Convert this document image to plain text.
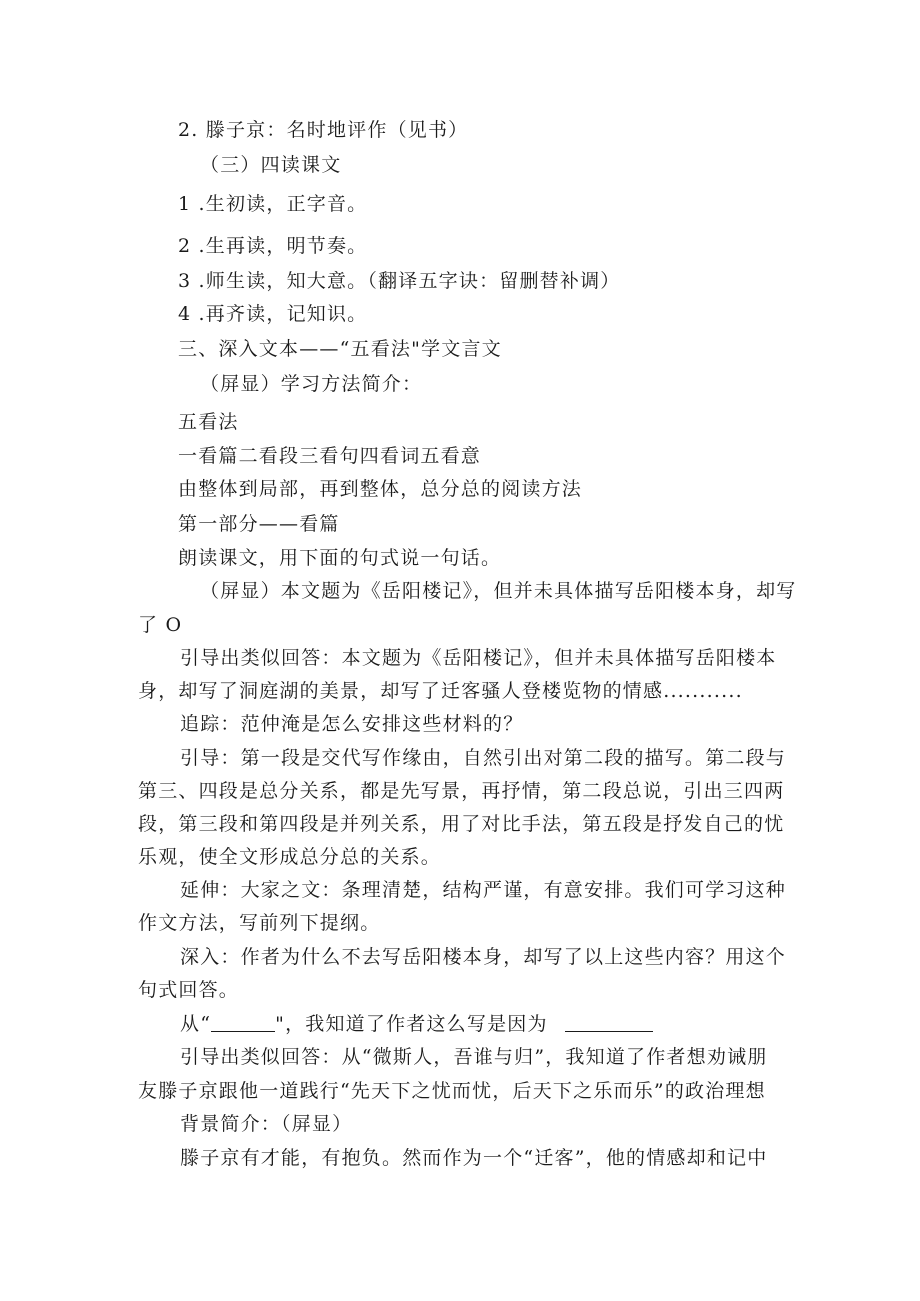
2. 滕子京：名时地评作（见书）
（三）四读课文
1 .生初读，正字音。
2 .生再读，明节奏。
3 .师生读，知大意。（翻译五字诀：留删替补调）
4 .再齐读，记知识。
三、深入文本——“五看法"学文言文
（屏显）学习方法简介：
五看法
一看篇二看段三看句四看词五看意
由整体到局部，再到整体，总分总的阅读方法
第一部分——看篇
朗读课文，用下面的句式说一句话。
（屏显）本文题为《岳阳楼记》，但并未具体描写岳阳楼本身，却写
了 O
引导出类似回答：本文题为《岳阳楼记》，但并未具体描写岳阳楼本
身，却写了洞庭湖的美景，却写了迁客骚人登楼览物的情感...........
追踪：范仲淹是怎么安排这些材料的？
引导：第一段是交代写作缘由，自然引出对第二段的描写。第二段与
第三、四段是总分关系，都是先写景，再抒情，第二段总说，引出三四两
段，第三段和第四段是并列关系，用了对比手法，第五段是抒发自己的忧
乐观，使全文形成总分总的关系。
延伸：大家之文：条理清楚，结构严谨，有意安排。我们可学习这种
作文方法，写前列下提纲。
深入：作者为什么不去写岳阳楼本身，却写了以上这些内容？用这个
句式回答。
从“	"，我知道了作者这么写是因为
引导出类似回答：从“微斯人，吾谁与归”，我知道了作者想劝诫朋
友滕子京跟他一道践行“先天下之忧而忧，后天下之乐而乐”的政治理想
背景简介：（屏显）
滕子京有才能，有抱负。然而作为一个“迁客”，他的情感却和记中
